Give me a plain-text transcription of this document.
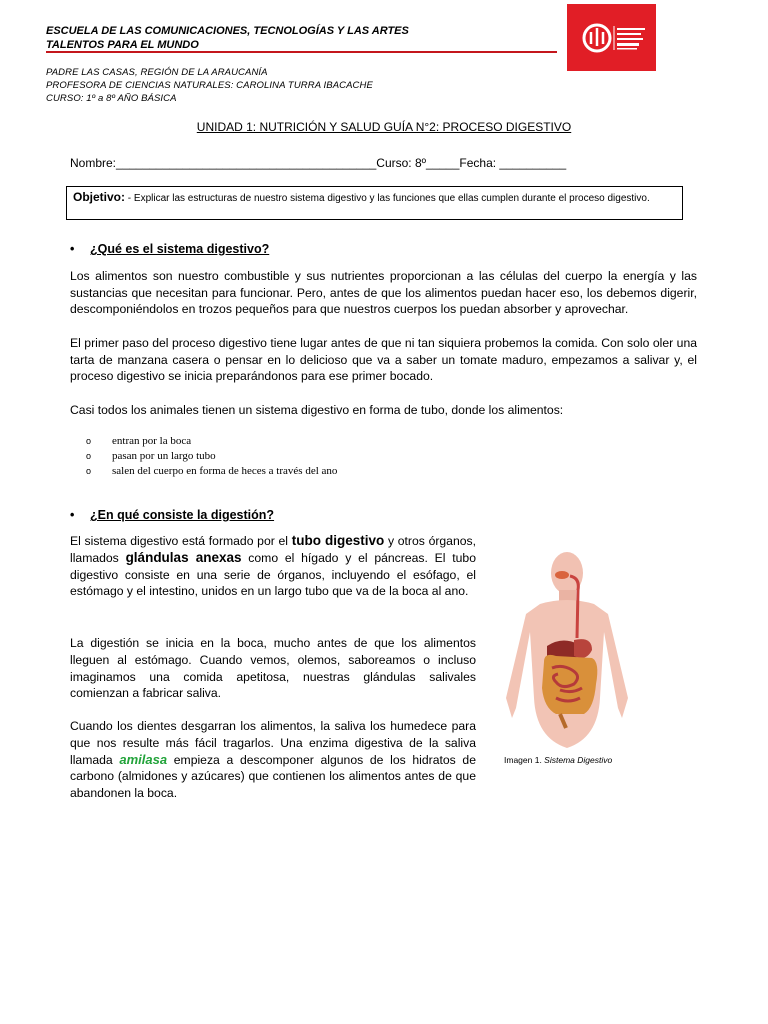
ESCUELA DE LAS COMUNICACIONES, TECNOLOGÍAS Y LAS ARTES
TALENTOS PARA EL MUNDO
PADRE LAS CASAS, REGIÓN DE LA ARAUCANÍA
PROFESORA DE CIENCIAS NATURALES: CAROLINA TURRA IBACACHE
CURSO: 1º a 8º AÑO BÁSICA
UNIDAD 1: NUTRICIÓN Y SALUD GUÍA N°2: PROCESO DIGESTIVO
Nombre:_______________________________________Curso: 8º_____Fecha: __________
Objetivo: - Explicar las estructuras de nuestro sistema digestivo y las funciones que ellas cumplen durante el proceso digestivo.
• ¿Qué es el sistema digestivo?
Los alimentos son nuestro combustible y sus nutrientes proporcionan a las células del cuerpo la energía y las sustancias que necesitan para funcionar. Pero, antes de que los alimentos puedan hacer eso, los debemos digerir, descomponiéndolos en trozos pequeños para que nuestros cuerpos los puedan absorber y aprovechar.
El primer paso del proceso digestivo tiene lugar antes de que ni tan siquiera probemos la comida. Con solo oler una tarta de manzana casera o pensar en lo delicioso que va a saber un tomate maduro, empezamos a salivar y, el proceso digestivo se inicia preparándonos para ese primer bocado.
Casi todos los animales tienen un sistema digestivo en forma de tubo, donde los alimentos:
o entran por la boca
o pasan por un largo tubo
o salen del cuerpo en forma de heces a través del ano
• ¿En qué consiste la digestión?
El sistema digestivo está formado por el tubo digestivo y otros órganos, llamados glándulas anexas como el hígado y el páncreas. El tubo digestivo consiste en una serie de órganos, incluyendo el esófago, el estómago y el intestino, unidos en un largo tubo que va de la boca al ano.
La digestión se inicia en la boca, mucho antes de que los alimentos lleguen al estómago. Cuando vemos, olemos, saboreamos o incluso imaginamos una comida apetitosa, nuestras glándulas salivales comienzan a fabricar saliva.
Cuando los dientes desgarran los alimentos, la saliva los humedece para que nos resulte más fácil tragarlos. Una enzima digestiva de la saliva llamada amilasa empieza a descomponer algunos de los hidratos de carbono (almidones y azúcares) que contienen los alimentos antes de que abandonen la boca.
Imagen 1. Sistema Digestivo
